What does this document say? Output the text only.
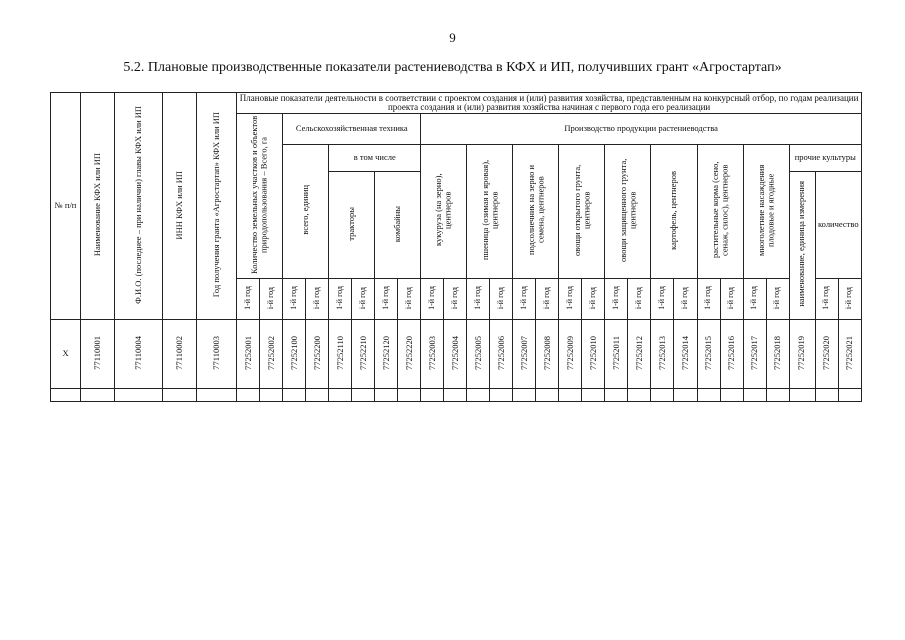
9
5.2. Плановые производственные показатели растениеводства в КФХ и ИП, получивших грант «Агростартап»
№ п/п	Наименование КФХ или ИП	Ф.И.О. (последнее – при наличии) главы КФХ или ИП	ИНН КФХ или ИП	Год получения гранта «Агростартап» КФХ или ИП	Плановые показатели деятельности в соответствии с проектом создания и (или) развития хозяйства, представленным на конкурсный отбор, по годам реализации проекта создания и (или) развития хозяйства начиная с первого года его реализации																										
					Количество земельных участков и объектов природопользования – Всего, га		Сельскохозяйственная техника						Производство продукции растениеводства																		
							всего, единиц		в том числе				кукуруза (на зерно), центнеров		пшеница (озимая и яровая), центнеров		подсолнечник на зерно и семена, центнеров		овощи открытого грунта, центнеров		овощи защищенного грунта, центнеров		картофель, центнеров		растительные корма (сено, сенаж, силос), центнеров		многолетние насаждения плодовые и ягодные		прочие культуры		
									тракторы		комбайны																		наименование, единица измерения	количество	
					1-й год	i-й год	1-й год	i-й год	1-й год	i-й год	1-й год	i-й год	1-й год	i-й год	1-й год	i-й год	1-й год	i-й год	1-й год	i-й год	1-й год	i-й год	1-й год	i-й год	1-й год	i-й год	1-й год	i-й год		1-й год	i-й год
Х	77110001	77110004	77110002	77110003	77252001	77252002	77252100	77252200	77252110	77252210	77252120	77252220	77252003	77252004	77252005	77252006	77252007	77252008	77252009	77252010	77252011	77252012	77252013	77252014	77252015	77252016	77252017	77252018	77252019	77252020	77252021
